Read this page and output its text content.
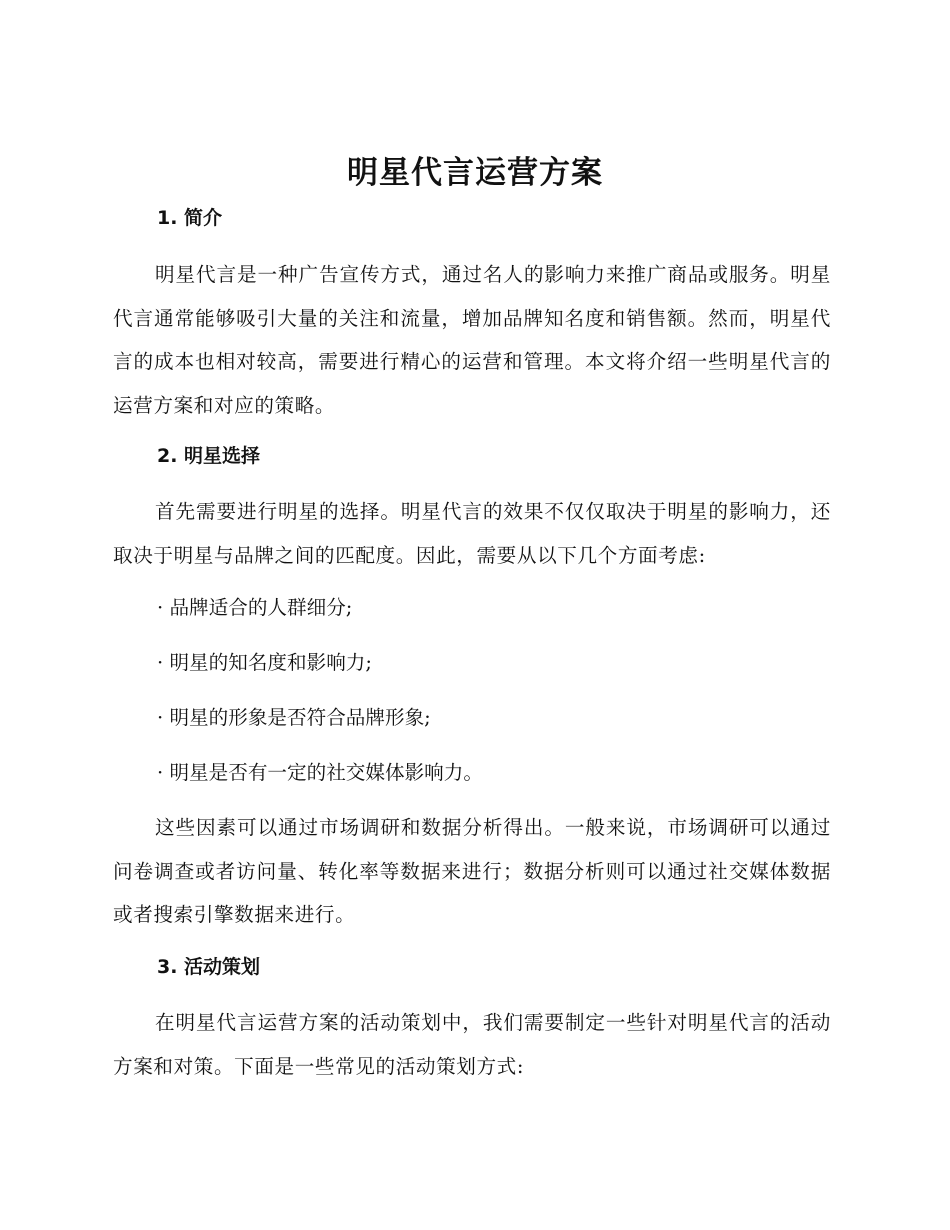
明星代言运营方案
1. 简介

明星代言是一种广告宣传方式，通过名人的影响力来推广商品或服务。明星代言通常能够吸引大量的关注和流量，增加品牌知名度和销售额。然而，明星代言的成本也相对较高，需要进行精心的运营和管理。本文将介绍一些明星代言的运营方案和对应的策略。

2. 明星选择

首先需要进行明星的选择。明星代言的效果不仅仅取决于明星的影响力，还取决于明星与品牌之间的匹配度。因此，需要从以下几个方面考虑:

· 品牌适合的人群细分;

· 明星的知名度和影响力;

· 明星的形象是否符合品牌形象;

· 明星是否有一定的社交媒体影响力。

这些因素可以通过市场调研和数据分析得出。一般来说，市场调研可以通过问卷调查或者访问量、转化率等数据来进行；数据分析则可以通过社交媒体数据或者搜索引擎数据来进行。

3. 活动策划

在明星代言运营方案的活动策划中，我们需要制定一些针对明星代言的活动方案和对策。下面是一些常见的活动策划方式:
